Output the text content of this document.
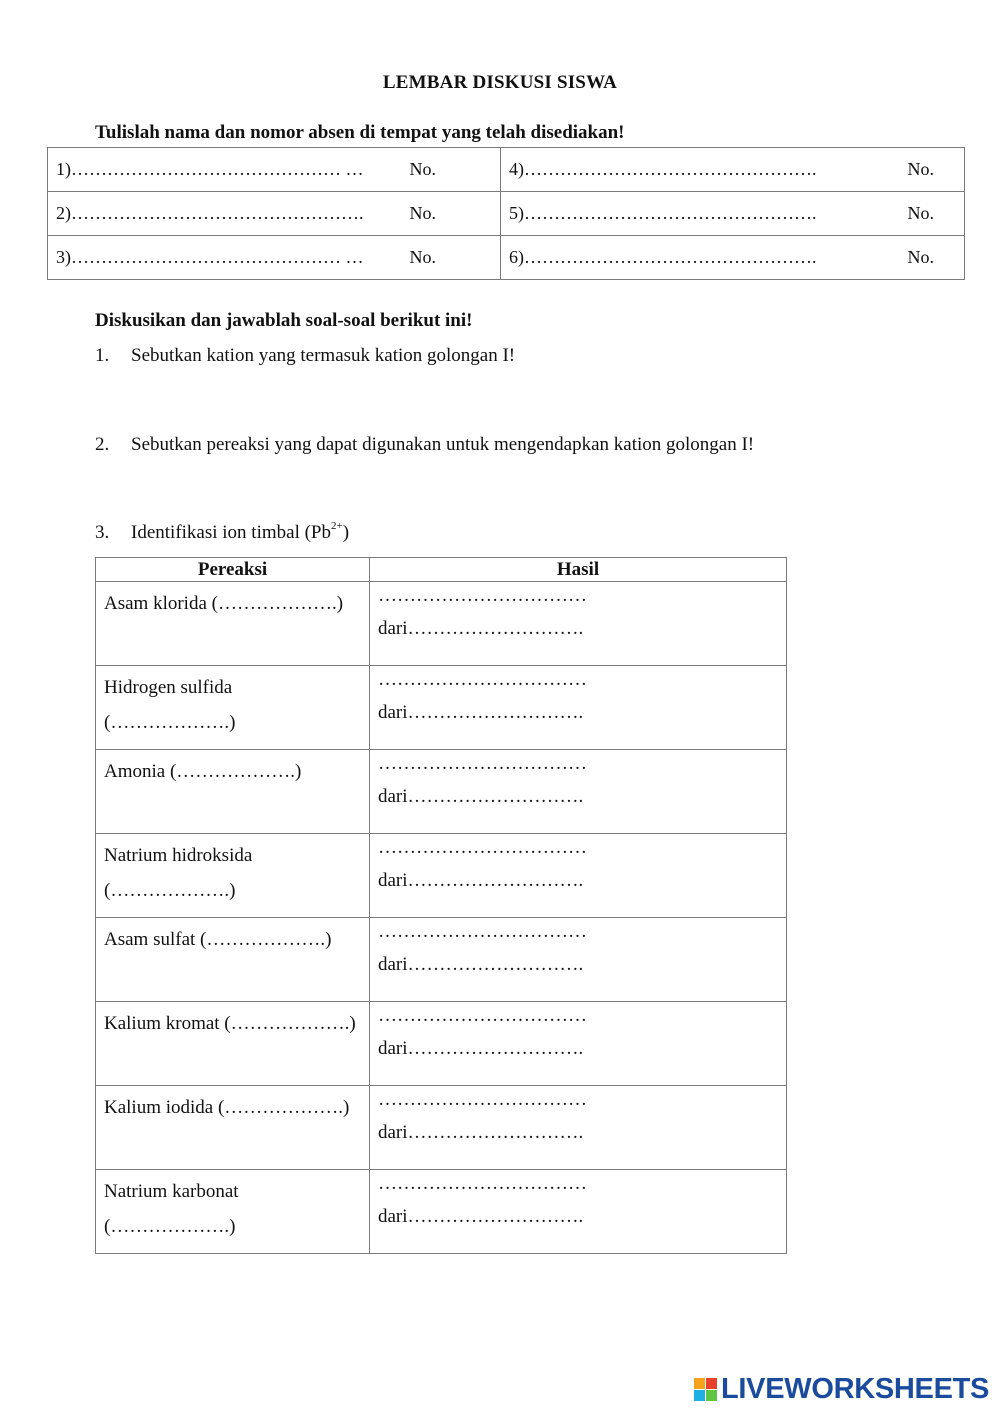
LEMBAR DISKUSI SISWA
Tulislah nama dan nomor absen di tempat yang telah disediakan!
1)……………………………………… … No.	4)…………………………………………. No.

2)…………………………………………. No.	5)…………………………………………. No.

3)……………………………………… … No.	6)…………………………………………. No.
Diskusikan dan jawablah soal-soal berikut ini!
1.	Sebutkan kation yang termasuk kation golongan I!
2.	Sebutkan pereaksi yang dapat digunakan untuk mengendapkan kation golongan I!
3.	Identifikasi ion timbal $(Pb^{2+})$
Pereaksi	Hasil
Asam klorida (……………….)	……………………………
dari……………………….

Hidrogen sulfida (……………….)	……………………………
dari……………………….

Amonia (……………….)	……………………………
dari……………………….

Natrium hidroksida (……………….)	……………………………
dari……………………….

Asam sulfat (……………….)	……………………………
dari……………………….

Kalium kromat (……………….)	……………………………
dari……………………….

Kalium iodida (……………….)	……………………………
dari……………………….

Natrium karbonat (……………….)	……………………………
dari……………………….
LIVEWORKSHEETS
